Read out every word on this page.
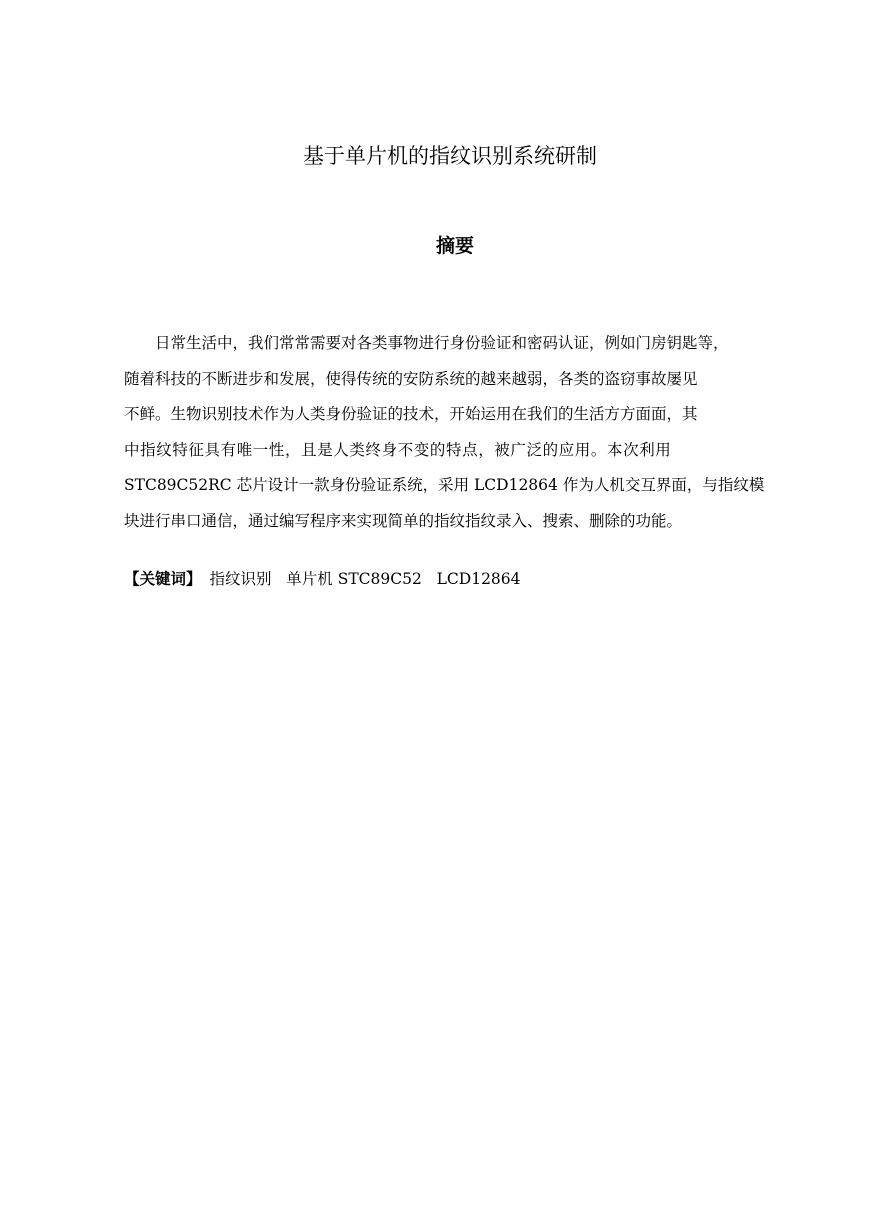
基于单片机的指纹识别系统研制
摘要
日常生活中，我们常常需要对各类事物进行身份验证和密码认证，例如门房钥匙等，
随着科技的不断进步和发展，使得传统的安防系统的越来越弱，各类的盗窃事故屡见
不鲜。生物识别技术作为人类身份验证的技术，开始运用在我们的生活方方面面，其
中指纹特征具有唯一性，且是人类终身不变的特点，被广泛的应用。本次利用
STC89C52RC 芯片设计一款身份验证系统，采用 LCD12864 作为人机交互界面，与指纹模
块进行串口通信，通过编写程序来实现简单的指纹指纹录入、搜索、删除的功能。
【关键词】 指纹识别   单片机 STC89C52   LCD12864
